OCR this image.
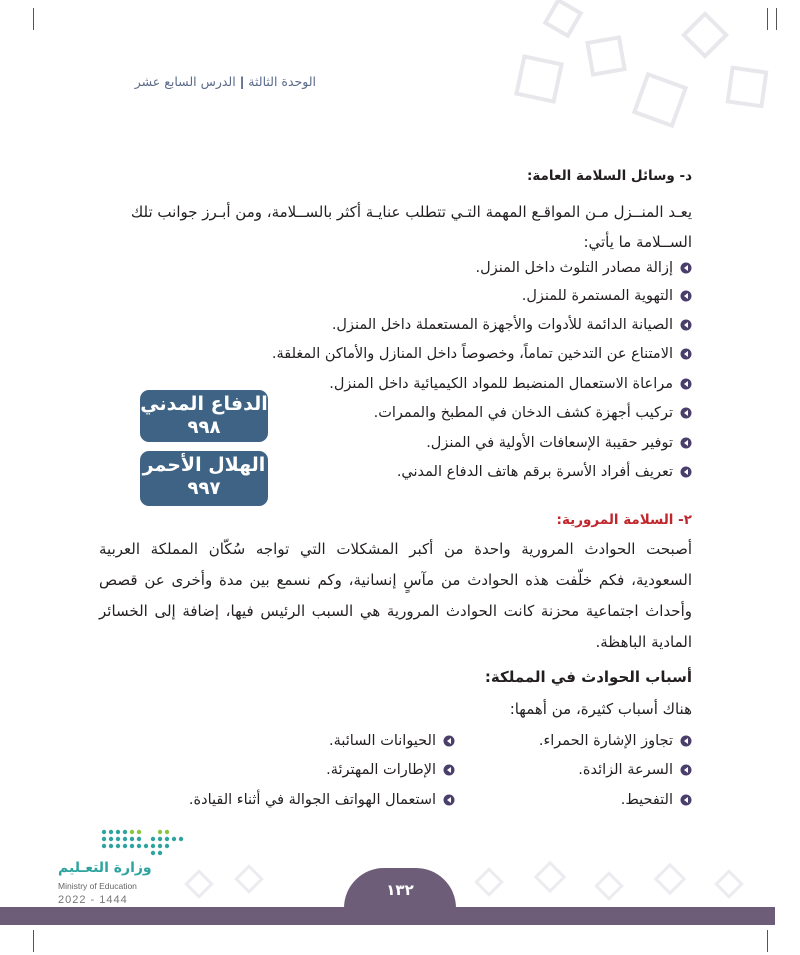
الوحدة الثالثة|الدرس السابع عشر
د- وسائل السلامة العامة:
يعـد المنــزل مـن المواقـع المهمة التـي تتطلب عنايـة أكثر بالســلامة، ومن أبـرز جوانب تلك
الســلامة ما يأتي:
إزالة مصادر التلوث داخل المنزل.
التهوية المستمرة للمنزل.
الصيانة الدائمة للأدوات والأجهزة المستعملة داخل المنزل.
الامتناع عن التدخين تماماً، وخصوصاً داخل المنازل والأماكن المغلقة.
مراعاة الاستعمال المنضبط للمواد الكيميائية داخل المنزل.
تركيب أجهزة كشف الدخان في المطبخ والممرات.
توفير حقيبة الإسعافات الأولية في المنزل.
تعريف أفراد الأسرة برقم هاتف الدفاع المدني.
الدفاع المدني
٩٩٨
الهلال الأحمر
٩٩٧
٢- السلامة المرورية:
أصبحت الحوادث المرورية واحدة من أكبر المشكلات التي تواجه سُكّان المملكة العربية السعودية، فكم خلّفت هذه الحوادث من مآسٍ إنسانية، وكم نسمع بين مدة وأخرى عن قصص وأحداث اجتماعية محزنة كانت الحوادث المرورية هي السبب الرئيس فيها، إضافة إلى الخسائر المادية الباهظة.
أسباب الحوادث في المملكة:
هناك أسباب كثيرة، من أهمها:
تجاوز الإشارة الحمراء.
السرعة الزائدة.
التفحيط.
الحيوانات السائبة.
الإطارات المهترئة.
استعمال الهواتف الجوالة في أثناء القيادة.
وزارة التعـليم
Ministry of Education
2022 - 1444
١٣٢
